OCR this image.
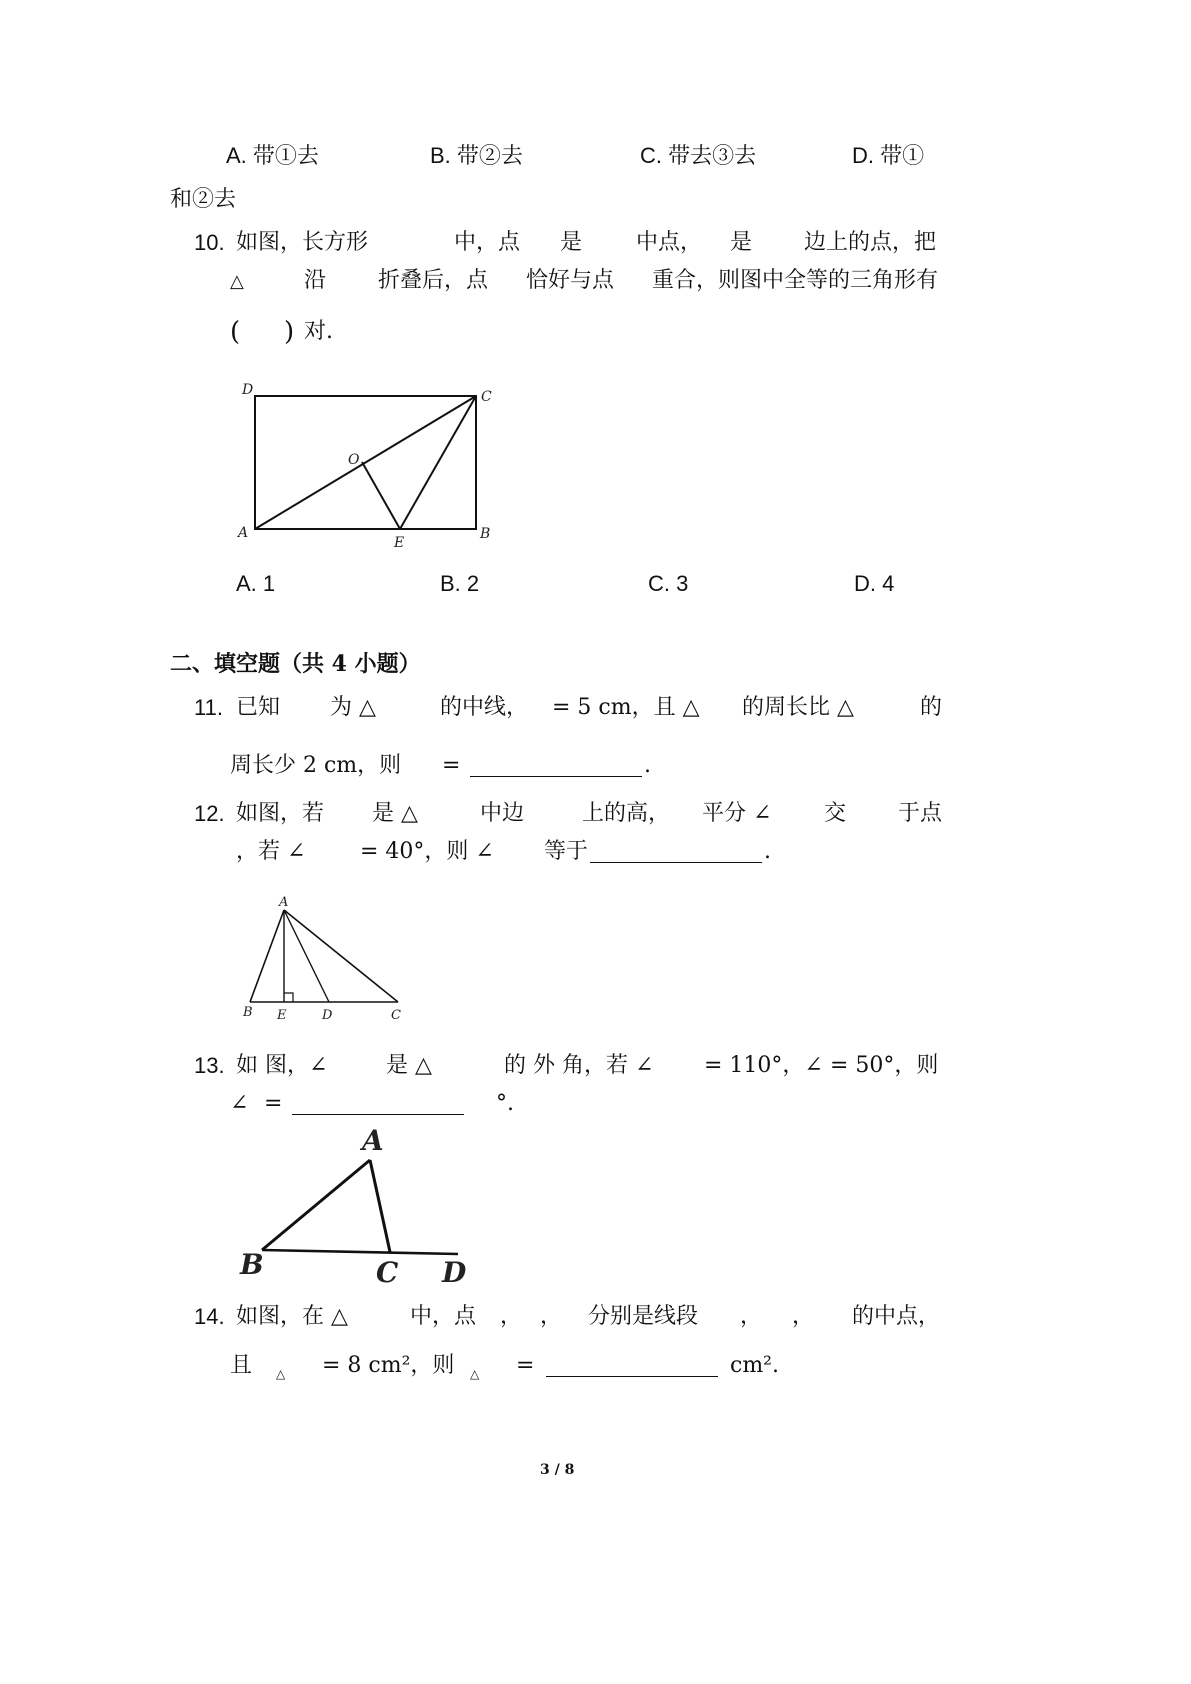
A. 带①去	B. 带②去	C. 带去③去	D. 带①
和②去
10. 如图，长方形	中，点 是 中点， 是 边上的点，把
△	沿 折叠后，点 恰好与点 重合，则图中全等的三角形有
( ) 对.
D	C
O
A
E
B
A. 1	B. 2	C. 3	D. 4
二、填空题（共 4 小题）
11. 已知 为 △	的中线， = 5 cm，且 △ 的周长比 △	的
周长少 2 cm，则 =	.
12. 如图，若 是 △	中边	上的高， 平分 ∠ 交 于点
，若 ∠ = 40°，则 ∠ 等于	.
A
B E	D	C
13. 如 图，∠	是 △	的 外 角，若 ∠ = 110°，∠ = 50°，则
∠ =	°.
A
B	C D
14. 如图，在 △	中，点 ， ， 分别是线段 ， ， 的中点，
且 △ = 8 cm²，则 △ =	cm².
3 / 8
